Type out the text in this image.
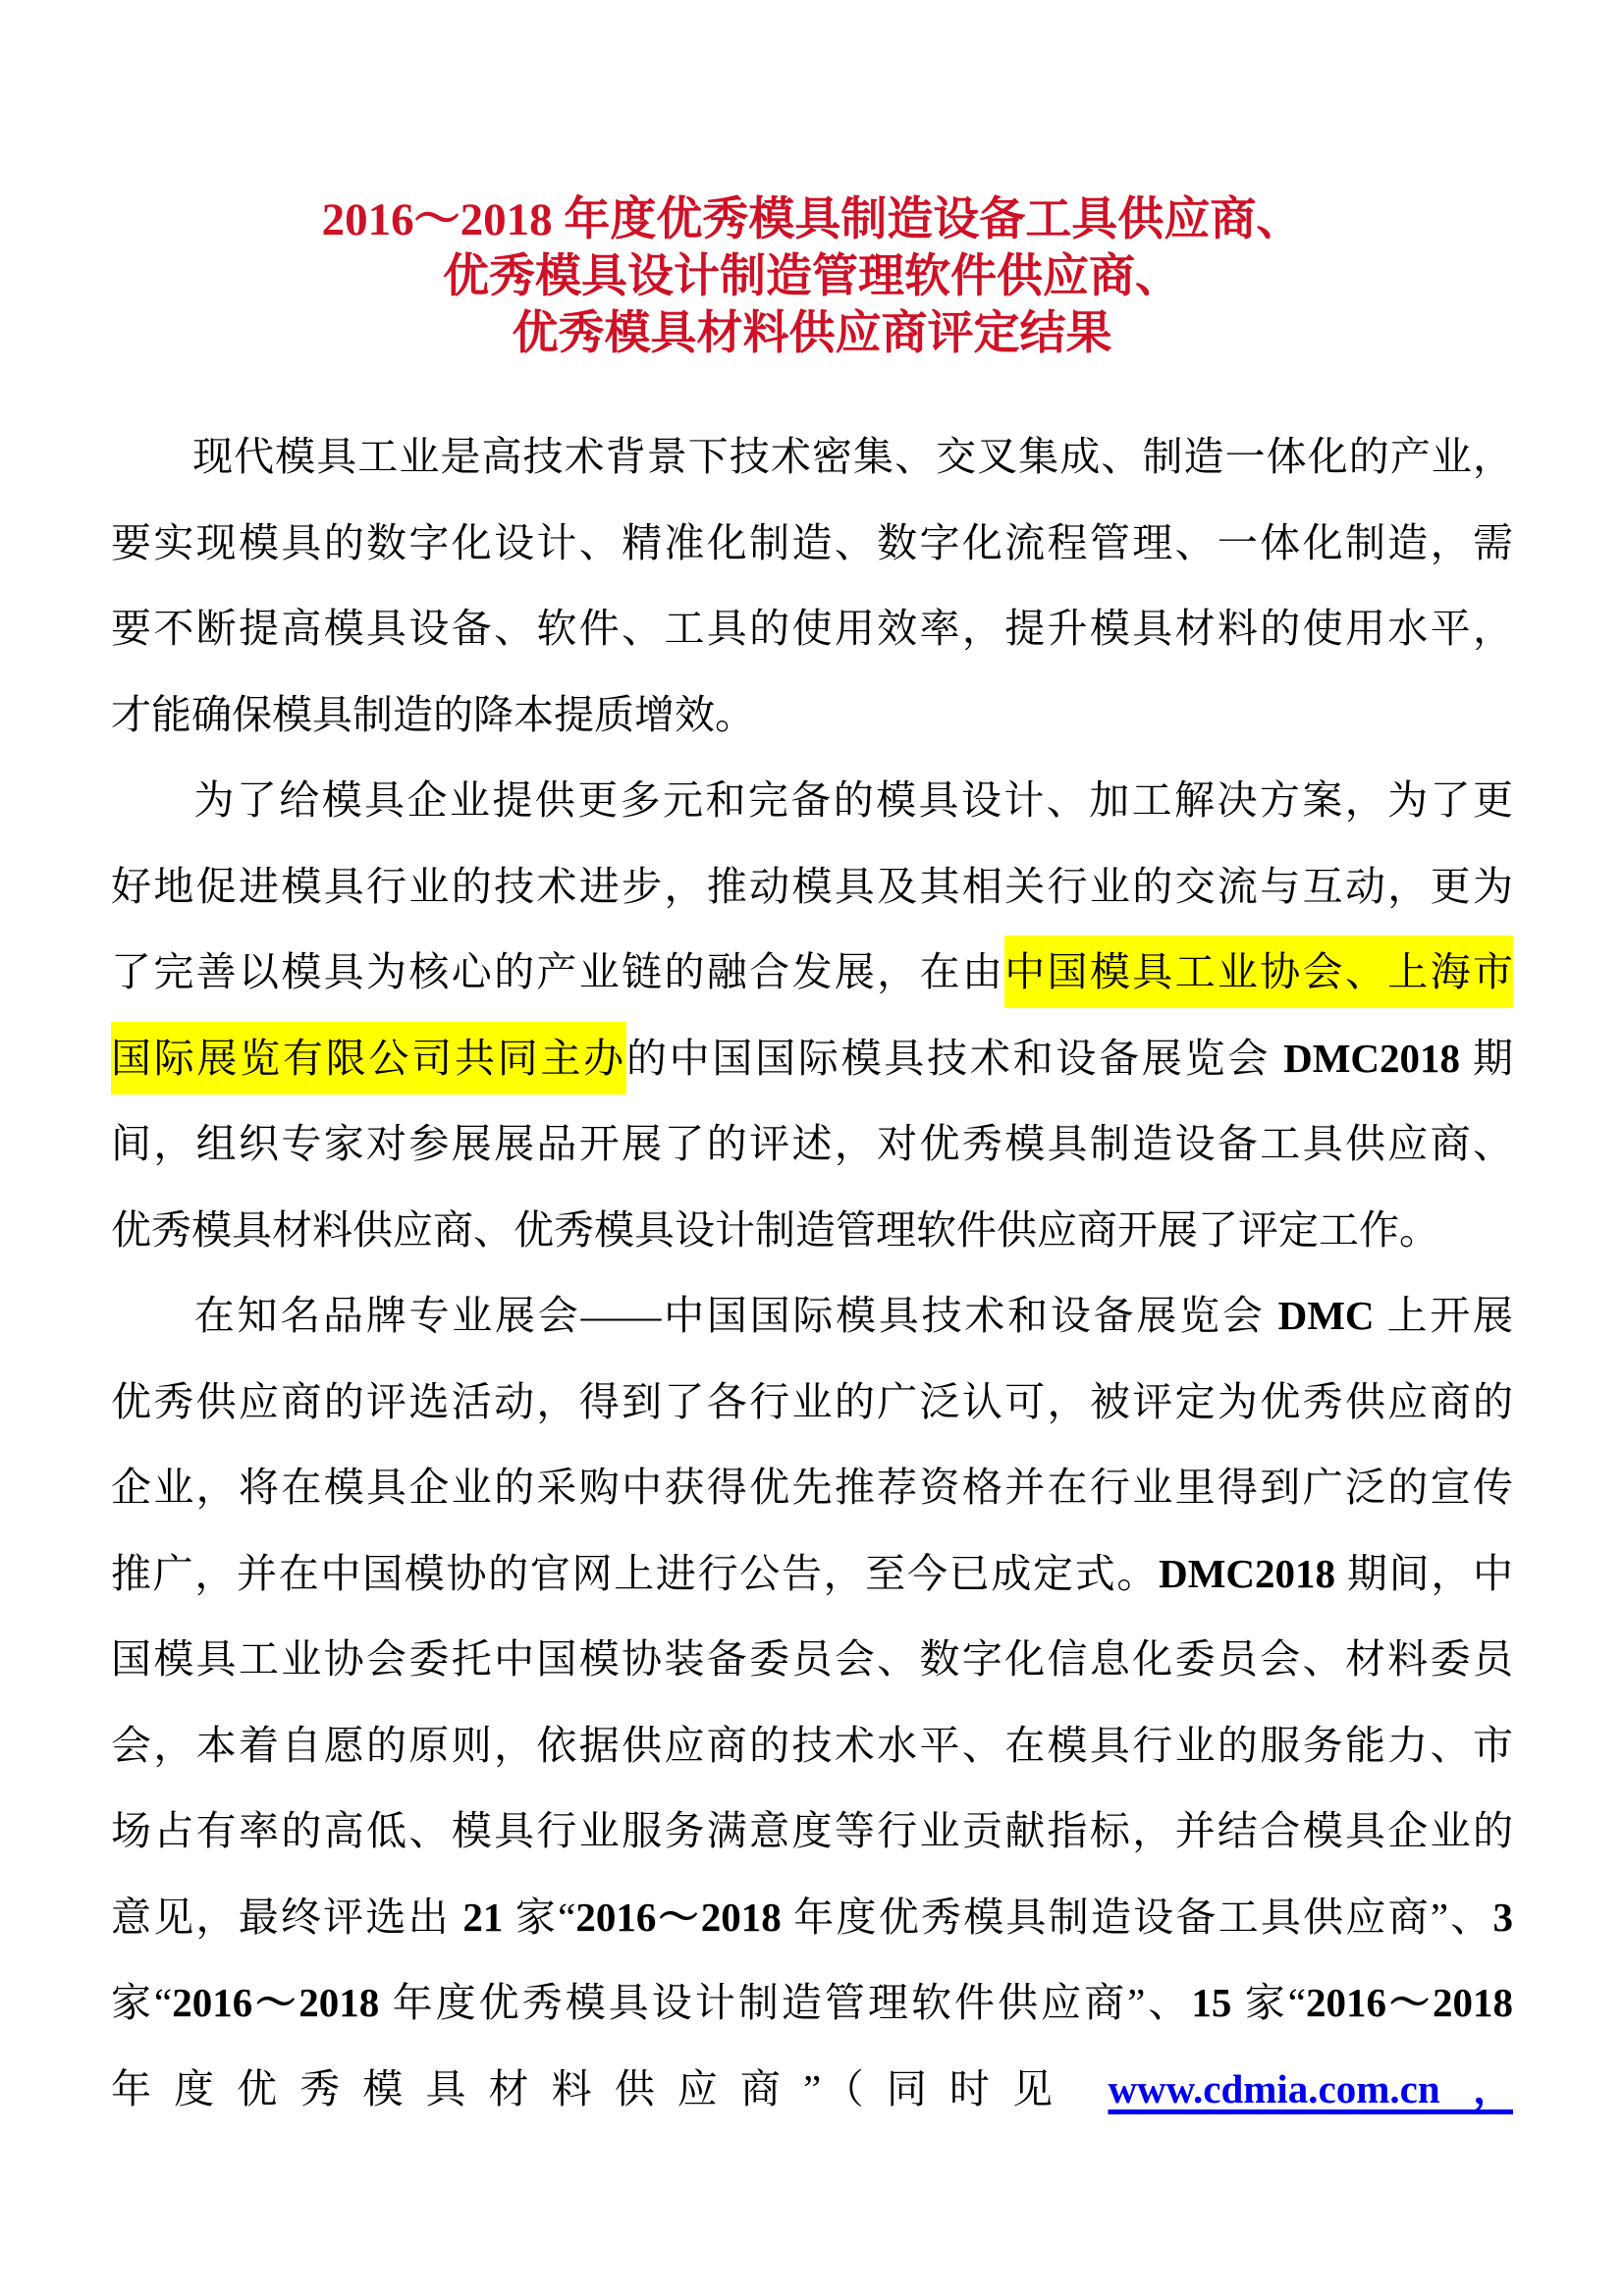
2016～2018 年度优秀模具制造设备工具供应商、
优秀模具设计制造管理软件供应商、
优秀模具材料供应商评定结果
现代模具工业是高技术背景下技术密集、交叉集成、制造一体化的产业，
要实现模具的数字化设计、精准化制造、数字化流程管理、一体化制造，需
要不断提高模具设备、软件、工具的使用效率，提升模具材料的使用水平，
才能确保模具制造的降本提质增效。
为了给模具企业提供更多元和完备的模具设计、加工解决方案，为了更
好地促进模具行业的技术进步，推动模具及其相关行业的交流与互动，更为
了完善以模具为核心的产业链的融合发展，在由中国模具工业协会、上海市
国际展览有限公司共同主办的中国国际模具技术和设备展览会 DMC2018 期
间，组织专家对参展展品开展了的评述，对优秀模具制造设备工具供应商、
优秀模具材料供应商、优秀模具设计制造管理软件供应商开展了评定工作。
在知名品牌专业展会——中国国际模具技术和设备展览会 DMC 上开展
优秀供应商的评选活动，得到了各行业的广泛认可，被评定为优秀供应商的
企业，将在模具企业的采购中获得优先推荐资格并在行业里得到广泛的宣传
推广，并在中国模协的官网上进行公告，至今已成定式。DMC2018 期间，中
国模具工业协会委托中国模协装备委员会、数字化信息化委员会、材料委员
会，本着自愿的原则，依据供应商的技术水平、在模具行业的服务能力、市
场占有率的高低、模具行业服务满意度等行业贡献指标，并结合模具企业的
意见，最终评选出 21 家“2016～2018 年度优秀模具制造设备工具供应商”、3
家“2016～2018 年度优秀模具设计制造管理软件供应商”、15 家“2016～2018
年度优秀模具材料供应商”（同时见 www.cdmia.com.cn ，
